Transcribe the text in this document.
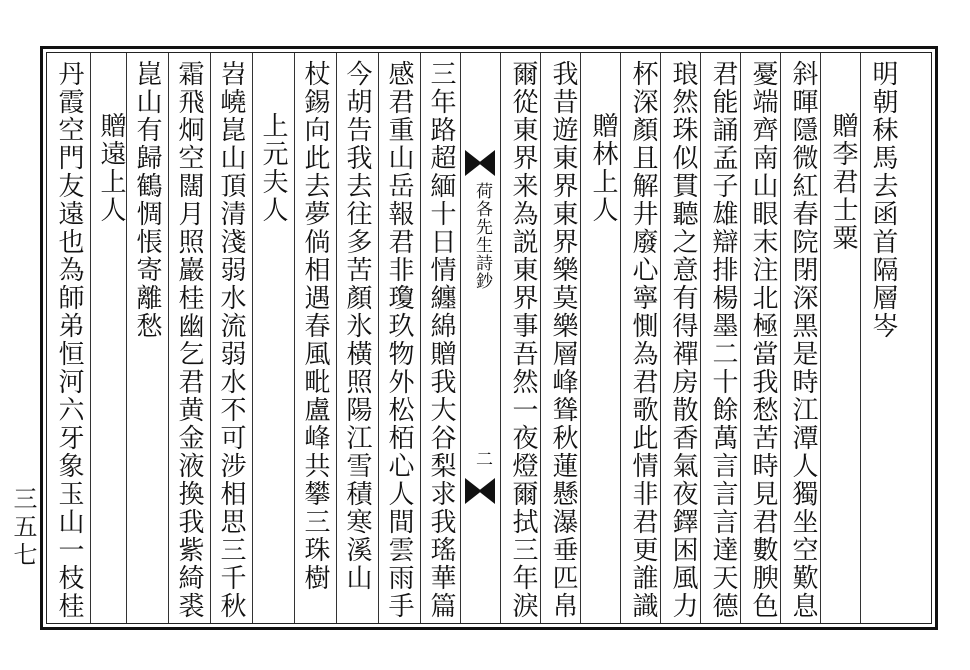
明朝秣馬去函首隔層岑
贈李君士粟
斜暉隱微紅春院閉深黑是時江潭人獨坐空歎息
憂端齊南山眼末注北極當我愁苦時見君數腴色
君能誦孟子雄辯排楊墨二十餘萬言言言達天德
琅然珠似貫聽之意有得禪房散香氣夜鐸困風力
杯深顏且解井廢心寧惻為君歌此情非君更誰識
贈林上人
我昔遊東界東界樂莫樂層峰聳秋蓮懸瀑垂匹帛
爾從東界来為説東界事吾然一夜燈爾拭三年淚
荷各先生詩鈔
二
三年路超緬十日情纏綿贈我大谷梨求我瑤華篇
感君重山岳報君非瓊玖物外松栢心人間雲雨手
今胡告我去往多苦顏氷橫照陽江雪積寒溪山
杖錫向此去夢倘相遇春風毗盧峰共攀三珠樹
上元夫人
岧嶢崑山頂清淺弱水流弱水不可涉相思三千秋
霜飛炯空闊月照巖桂幽乞君黄金液換我紫綺裘
崑山有歸鶴惆悵寄離愁
贈遠上人
丹霞空門友遠也為師弟恒河六牙象玉山一枝桂
三五七
